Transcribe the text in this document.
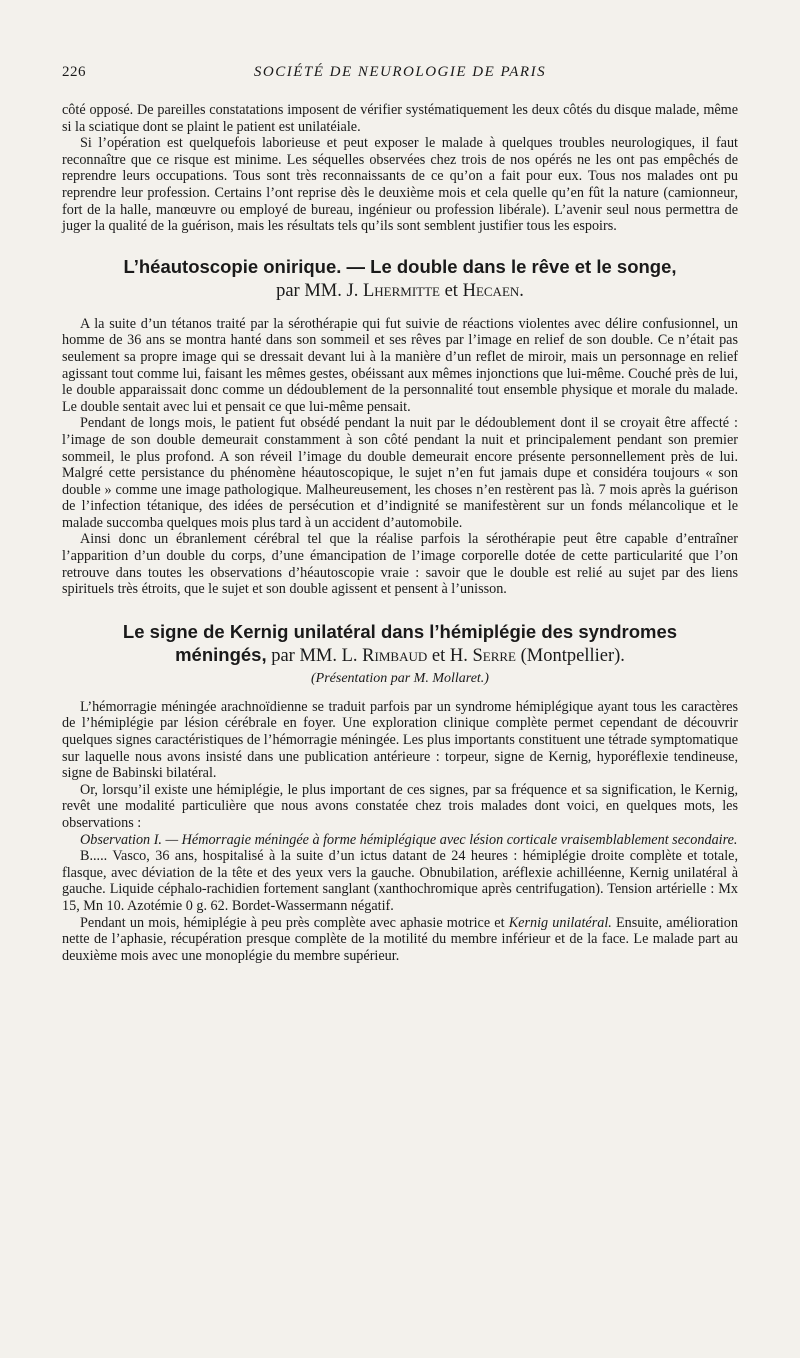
226	SOCIÉTÉ DE NEUROLOGIE DE PARIS

côté opposé. De pareilles constatations imposent de vérifier systématiquement les deux côtés du disque malade, même si la sciatique dont se plaint le patient est unilatéiale.

Si l’opération est quelquefois laborieuse et peut exposer le malade à quelques troubles neurologiques, il faut reconnaître que ce risque est minime. Les séquelles observées chez trois de nos opérés ne les ont pas empêchés de reprendre leurs occupations. Tous sont très reconnaissants de ce qu’on a fait pour eux. Tous nos malades ont pu reprendre leur profession. Certains l’ont reprise dès le deuxième mois et cela quelle qu’en fût la nature (camionneur, fort de la halle, manœuvre ou employé de bureau, ingénieur ou profession libérale). L’avenir seul nous permettra de juger la qualité de la guérison, mais les résultats tels qu’ils sont semblent justifier tous les espoirs.

L’héautoscopie onirique. — Le double dans le rêve et le songe,
par MM. J. Lhermitte et Hecaen.

A la suite d’un tétanos traité par la sérothérapie qui fut suivie de réactions violentes avec délire confusionnel, un homme de 36 ans se montra hanté dans son sommeil et ses rêves par l’image en relief de son double. Ce n’était pas seulement sa propre image qui se dressait devant lui à la manière d’un reflet de miroir, mais un personnage en relief agissant tout comme lui, faisant les mêmes gestes, obéissant aux mêmes injonctions que lui-même. Couché près de lui, le double apparaissait donc comme un dédoublement de la personnalité tout ensemble physique et morale du malade. Le double sentait avec lui et pensait ce que lui-même pensait.

Pendant de longs mois, le patient fut obsédé pendant la nuit par le dédoublement dont il se croyait être affecté : l’image de son double demeurait constamment à son côté pendant la nuit et principalement pendant son premier sommeil, le plus profond. A son réveil l’image du double demeurait encore présente personnellement près de lui. Malgré cette persistance du phénomène héautoscopique, le sujet n’en fut jamais dupe et considéra toujours « son double » comme une image pathologique. Malheureusement, les choses n’en restèrent pas là. 7 mois après la guérison de l’infection tétanique, des idées de persécution et d’indignité se manifestèrent sur un fonds mélancolique et le malade succomba quelques mois plus tard à un accident d’automobile.

Ainsi donc un ébranlement cérébral tel que la réalise parfois la sérothérapie peut être capable d’entraîner l’apparition d’un double du corps, d’une émancipation de l’image corporelle dotée de cette particularité que l’on retrouve dans toutes les observations d’héautoscopie vraie : savoir que le double est relié au sujet par des liens spirituels très étroits, que le sujet et son double agissent et pensent à l’unisson.

Le signe de Kernig unilatéral dans l’hémiplégie des syndromes
méningés, par MM. L. Rimbaud et H. Serre (Montpellier).
(Présentation par M. Mollaret.)

L’hémorragie méningée arachnoïdienne se traduit parfois par un syndrome hémiplégique ayant tous les caractères de l’hémiplégie par lésion cérébrale en foyer. Une exploration clinique complète permet cependant de découvrir quelques signes caractéristiques de l’hémorragie méningée. Les plus importants constituent une tétrade symptomatique sur laquelle nous avons insisté dans une publication antérieure : torpeur, signe de Kernig, hyporéflexie tendineuse, signe de Babinski bilatéral.

Or, lorsqu’il existe une hémiplégie, le plus important de ces signes, par sa fréquence et sa signification, le Kernig, revêt une modalité particulière que nous avons constatée chez trois malades dont voici, en quelques mots, les observations :

Observation I. — Hémorragie méningée à forme hémiplégique avec lésion corticale vraisemblablement secondaire.

B..... Vasco, 36 ans, hospitalisé à la suite d’un ictus datant de 24 heures : hémiplégie droite complète et totale, flasque, avec déviation de la tête et des yeux vers la gauche. Obnubilation, aréflexie achilléenne, Kernig unilatéral à gauche. Liquide céphalo-rachidien fortement sanglant (xanthochromique après centrifugation). Tension artérielle : Mx 15, Mn 10. Azotémie 0 g. 62. Bordet-Wassermann négatif.

Pendant un mois, hémiplégie à peu près complète avec aphasie motrice et Kernig unilatéral. Ensuite, amélioration nette de l’aphasie, récupération presque complète de la motilité du membre inférieur et de la face. Le malade part au deuxième mois avec une monoplégie du membre supérieur.
